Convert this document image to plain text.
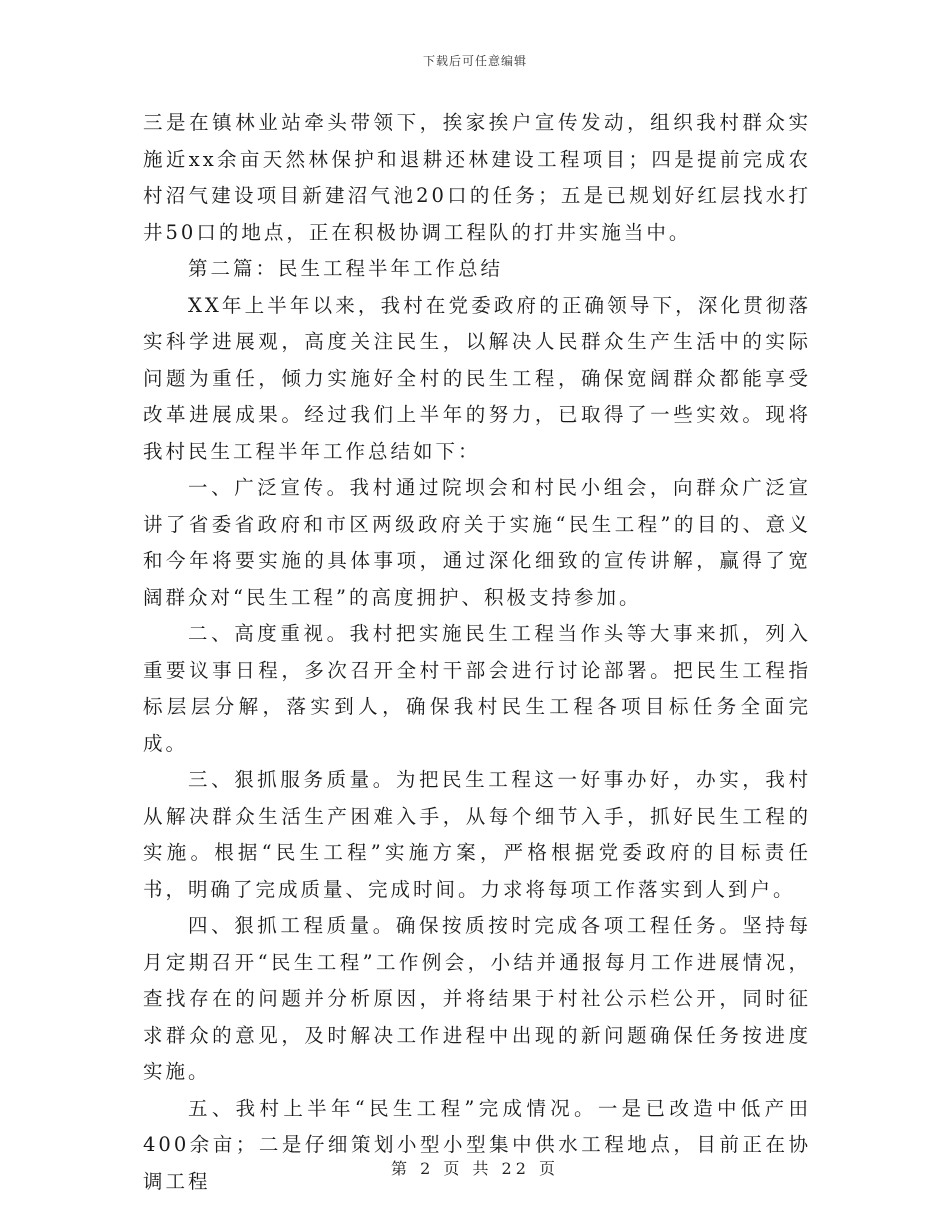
下载后可任意编辑

三是在镇林业站牵头带领下，挨家挨户宣传发动，组织我村群众实施近xx余亩天然林保护和退耕还林建设工程项目；四是提前完成农村沼气建设项目新建沼气池20口的任务；五是已规划好红层找水打井50口的地点，正在积极协调工程队的打井实施当中。

第二篇：民生工程半年工作总结

XX年上半年以来，我村在党委政府的正确领导下，深化贯彻落实科学进展观，高度关注民生，以解决人民群众生产生活中的实际问题为重任，倾力实施好全村的民生工程，确保宽阔群众都能享受改革进展成果。经过我们上半年的努力，已取得了一些实效。现将我村民生工程半年工作总结如下：

一、广泛宣传。我村通过院坝会和村民小组会，向群众广泛宣讲了省委省政府和市区两级政府关于实施“民生工程”的目的、意义和今年将要实施的具体事项，通过深化细致的宣传讲解，赢得了宽阔群众对“民生工程”的高度拥护、积极支持参加。

二、高度重视。我村把实施民生工程当作头等大事来抓，列入重要议事日程，多次召开全村干部会进行讨论部署。把民生工程指标层层分解，落实到人，确保我村民生工程各项目标任务全面完成。

三、狠抓服务质量。为把民生工程这一好事办好，办实，我村从解决群众生活生产困难入手，从每个细节入手，抓好民生工程的实施。根据“民生工程”实施方案，严格根据党委政府的目标责任书，明确了完成质量、完成时间。力求将每项工作落实到人到户。

四、狠抓工程质量。确保按质按时完成各项工程任务。坚持每月定期召开“民生工程”工作例会，小结并通报每月工作进展情况，查找存在的问题并分析原因，并将结果于村社公示栏公开，同时征求群众的意见，及时解决工作进程中出现的新问题确保任务按进度实施。

五、我村上半年“民生工程”完成情况。一是已改造中低产田400余亩；二是仔细策划小型小型集中供水工程地点，目前正在协调工程

第 2 页 共 22 页
